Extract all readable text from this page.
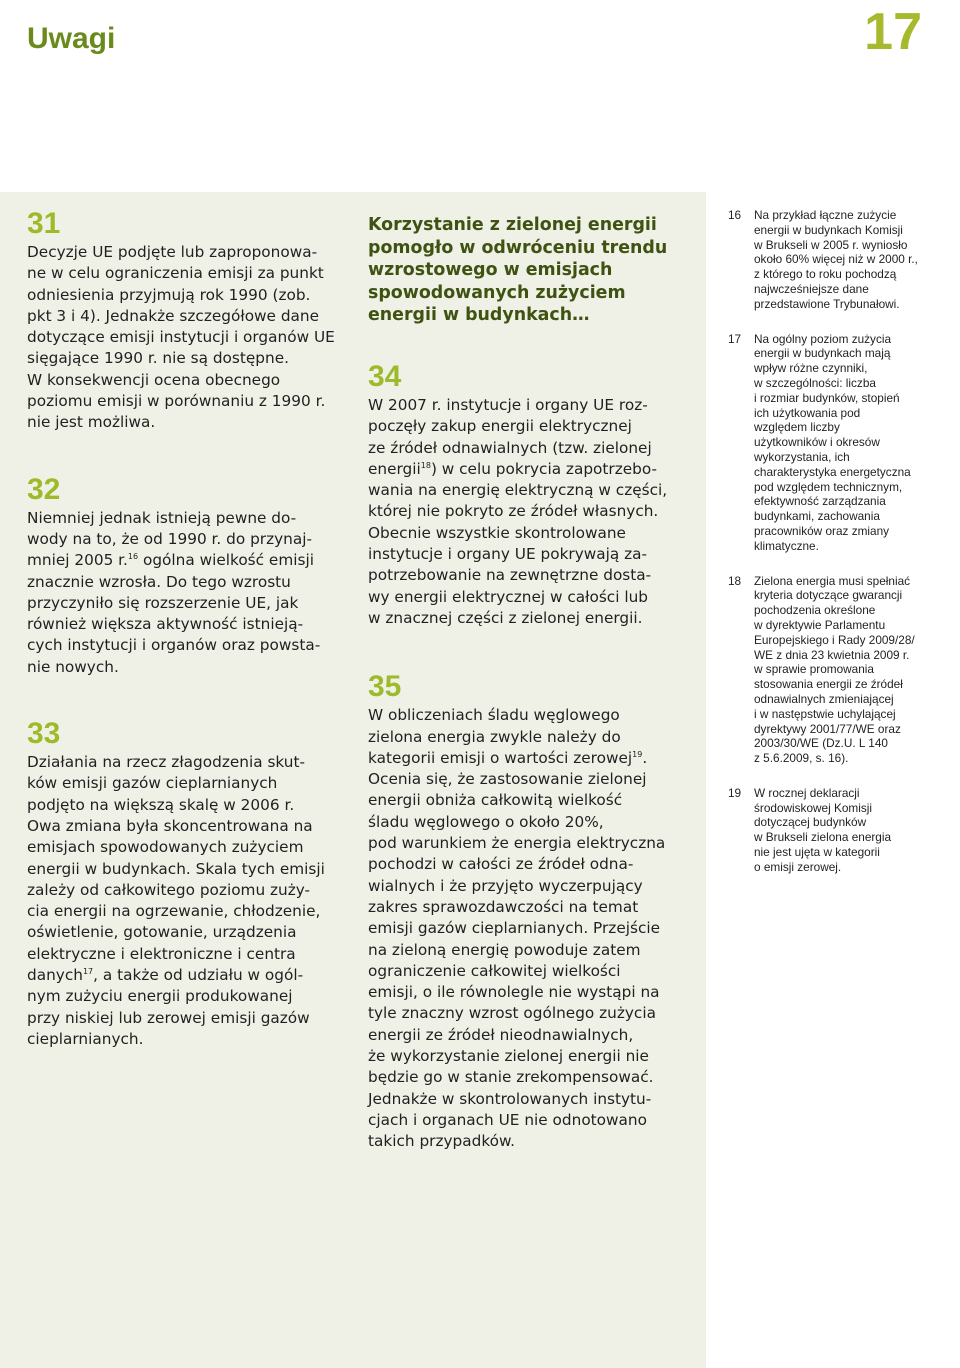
Uwagi	17
31

Decyzje UE podjęte lub zaproponowa-
ne w celu ograniczenia emisji za punkt
odniesienia przyjmują rok 1990 (zob.
pkt 3 i 4). Jednakże szczegółowe dane
dotyczące emisji instytucji i organów UE
sięgające 1990 r. nie są dostępne.
W konsekwencji ocena obecnego
poziomu emisji w porównaniu z 1990 r.
nie jest możliwa.

32

Niemniej jednak istnieją pewne do-
wody na to, że od 1990 r. do przynaj-
mniej 2005 r.$^{16}$ ogólna wielkość emisji
znacznie wzrosła. Do tego wzrostu
przyczyniło się rozszerzenie UE, jak
również większa aktywność istnieją-
cych instytucji i organów oraz powsta-
nie nowych.

33

Działania na rzecz złagodzenia skut-
ków emisji gazów cieplarnianych
podjęto na większą skalę w 2006 r.
Owa zmiana była skoncentrowana na
emisjach spowodowanych zużyciem
energii w budynkach. Skala tych emisji
zależy od całkowitego poziomu zuży-
cia energii na ogrzewanie, chłodzenie,
oświetlenie, gotowanie, urządzenia
elektryczne i elektroniczne i centra
danych$^{17}$, a także od udziału w ogól-
nym zużyciu energii produkowanej
przy niskiej lub zerowej emisji gazów
cieplarnianych.

Korzystanie z zielonej energii
pomogło w odwróceniu trendu
wzrostowego w emisjach
spowodowanych zużyciem
energii w budynkach…
34

W 2007 r. instytucje i organy UE roz-
poczęły zakup energii elektrycznej
ze źródeł odnawialnych (tzw. zielonej
energii$^{18}$) w celu pokrycia zapotrzebo-
wania na energię elektryczną w części,
której nie pokryto ze źródeł własnych.
Obecnie wszystkie skontrolowane
instytucje i organy UE pokrywają za-
potrzebowanie na zewnętrzne dosta-
wy energii elektrycznej w całości lub
w znacznej części z zielonej energii.

35

W obliczeniach śladu węglowego
zielona energia zwykle należy do
kategorii emisji o wartości zerowej$^{19}$.
Ocenia się, że zastosowanie zielonej
energii obniża całkowitą wielkość
śladu węglowego o około 20%,
pod warunkiem że energia elektryczna
pochodzi w całości ze źródeł odna-
wialnych i że przyjęto wyczerpujący
zakres sprawozdawczości na temat
emisji gazów cieplarnianych. Przejście
na zieloną energię powoduje zatem
ograniczenie całkowitej wielkości
emisji, o ile równolegle nie wystąpi na
tyle znaczny wzrost ogólnego zużycia
energii ze źródeł nieodnawialnych,
że wykorzystanie zielonej energii nie
będzie go w stanie zrekompensować.
Jednakże w skontrolowanych instytu-
cjach i organach UE nie odnotowano
takich przypadków.

16	Na przykład łączne zużycie
energii w budynkach Komisji
w Brukseli w 2005 r. wyniosło
około 60% więcej niż w 2000 r.,
z którego to roku pochodzą
najwcześniejsze dane
przedstawione Trybunałowi.
17	Na ogólny poziom zużycia
energii w budynkach mają
wpływ różne czynniki,
w szczególności: liczba
i rozmiar budynków, stopień
ich użytkowania pod
względem liczby
użytkowników i okresów
wykorzystania, ich
charakterystyka energetyczna
pod względem technicznym,
efektywność zarządzania
budynkami, zachowania
pracowników oraz zmiany
klimatyczne.
18	Zielona energia musi spełniać
kryteria dotyczące gwarancji
pochodzenia określone
w dyrektywie Parlamentu
Europejskiego i Rady 2009/28/
WE z dnia 23 kwietnia 2009 r.
w sprawie promowania
stosowania energii ze źródeł
odnawialnych zmieniającej
i w następstwie uchylającej
dyrektywy 2001/77/WE oraz
2003/30/WE (Dz.U. L 140
z 5.6.2009, s. 16).
19	W rocznej deklaracji
środowiskowej Komisji
dotyczącej budynków
w Brukseli zielona energia
nie jest ujęta w kategorii
o emisji zerowej.
